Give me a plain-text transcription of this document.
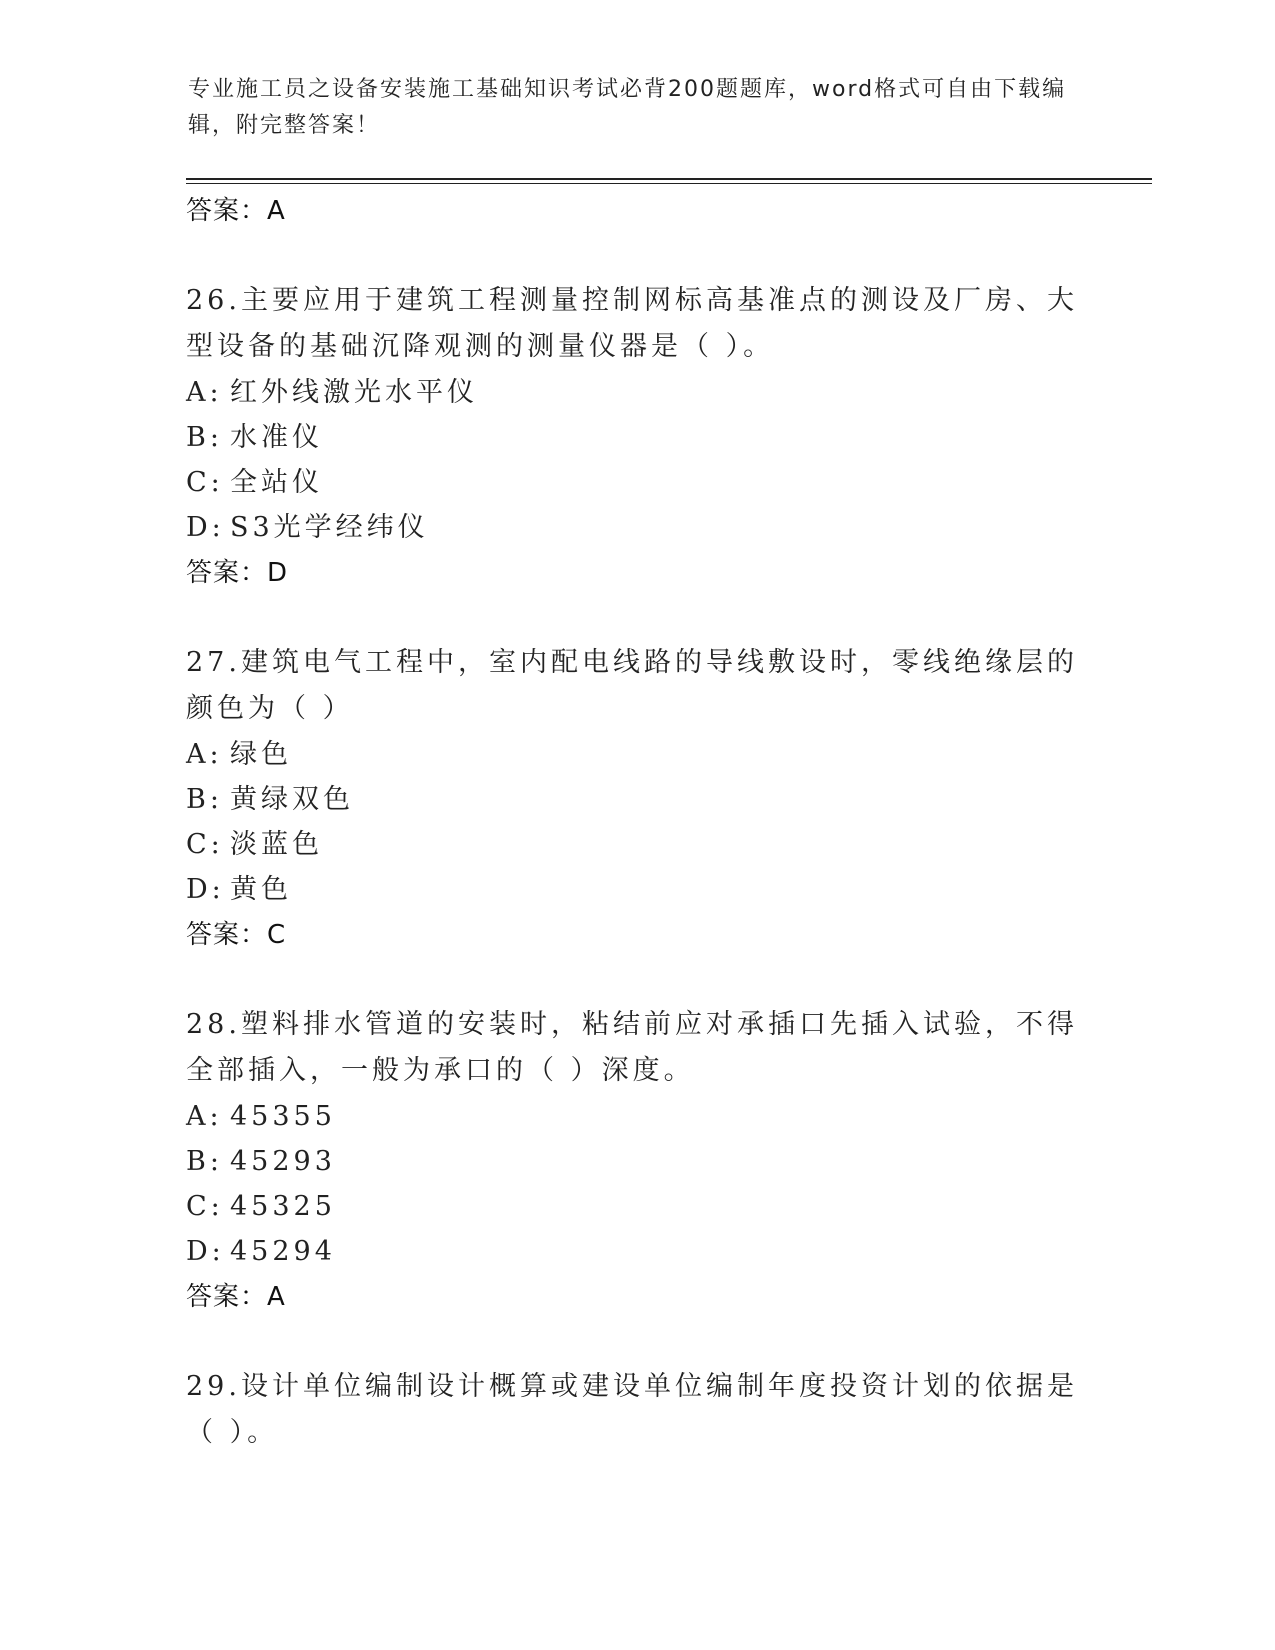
专业施工员之设备安装施工基础知识考试必背200题题库，word格式可自由下载编辑，附完整答案！
答案：A
26.主要应用于建筑工程测量控制网标高基准点的测设及厂房、大型设备的基础沉降观测的测量仪器是（ ）。
A: 红外线激光水平仪
B: 水准仪
C: 全站仪
D: S3光学经纬仪
答案：D
27.建筑电气工程中，室内配电线路的导线敷设时，零线绝缘层的颜色为（ ）
A: 绿色
B: 黄绿双色
C: 淡蓝色
D: 黄色
答案：C
28.塑料排水管道的安装时，粘结前应对承插口先插入试验，不得全部插入，一般为承口的（ ）深度。
A: 45355
B: 45293
C: 45325
D: 45294
答案：A
29.设计单位编制设计概算或建设单位编制年度投资计划的依据是（ ）。
